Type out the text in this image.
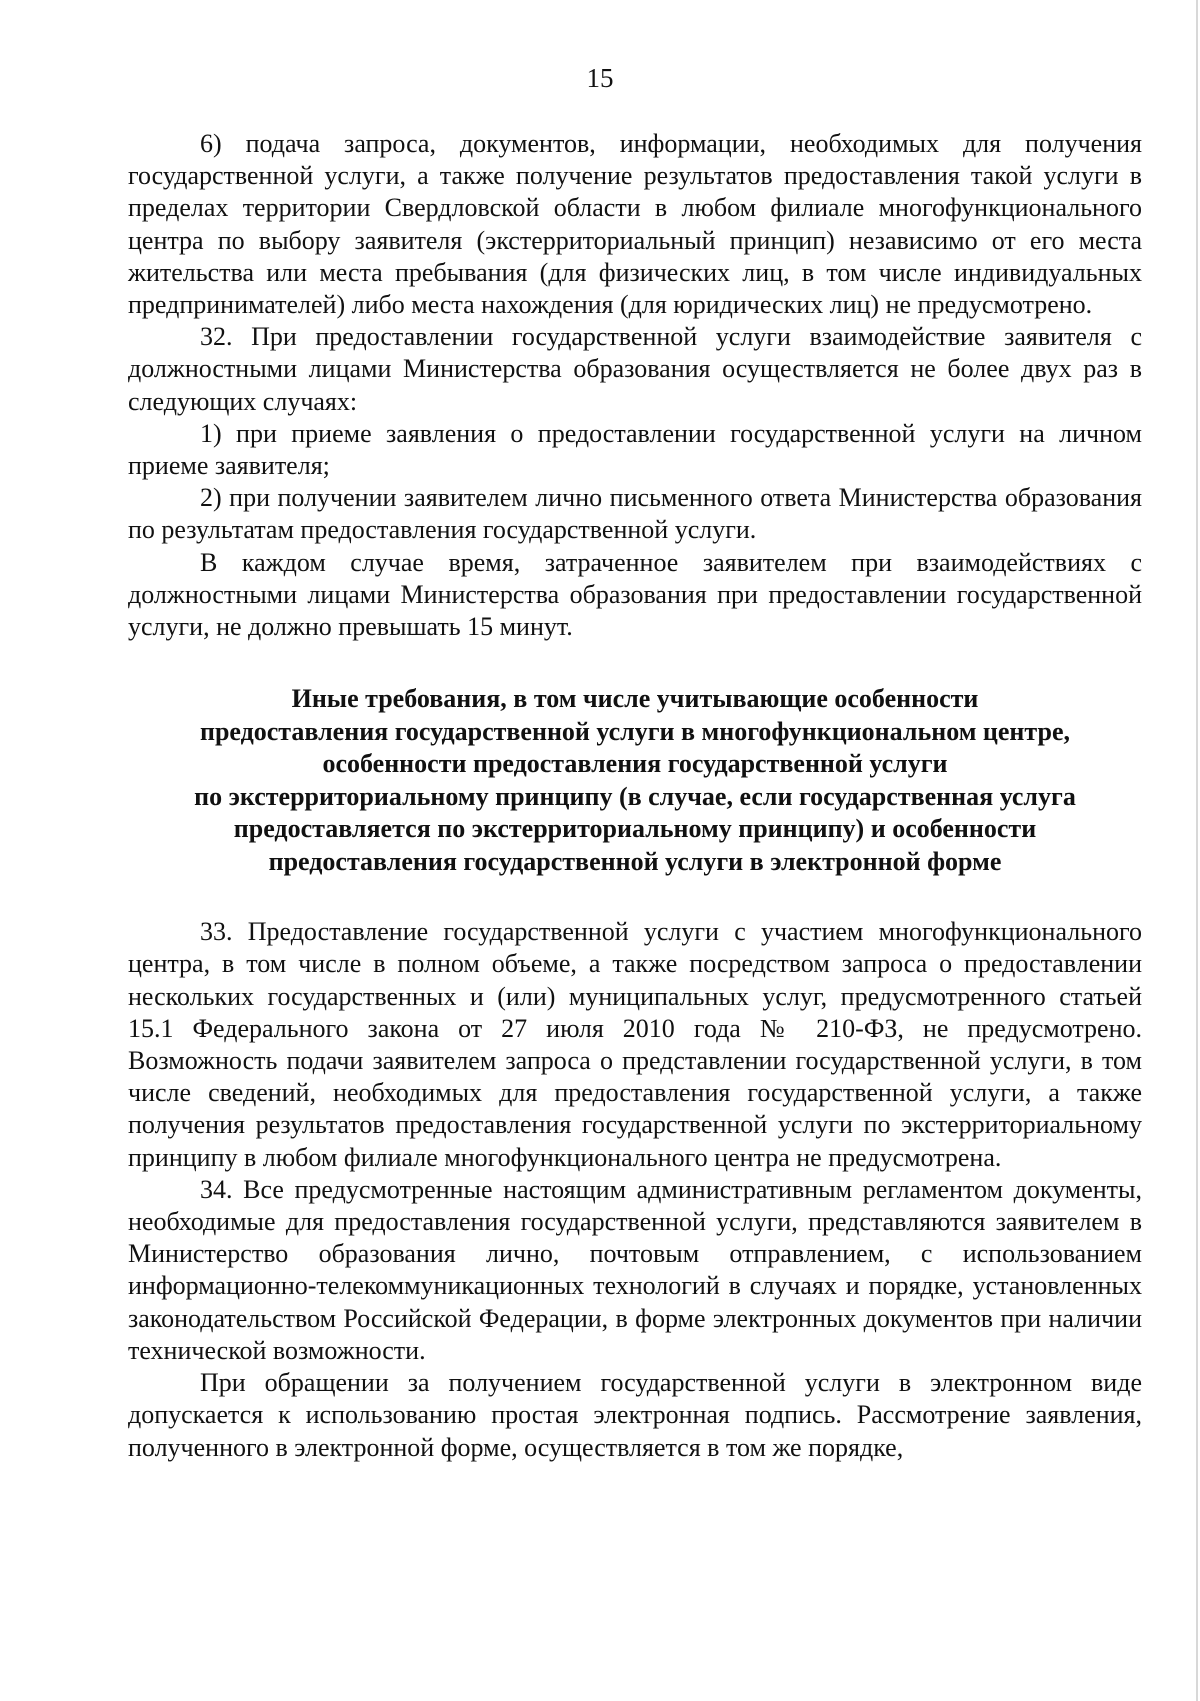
15

6) подача запроса, документов, информации, необходимых для получения государственной услуги, а также получение результатов предоставления такой услуги в пределах территории Свердловской области в любом филиале многофункционального центра по выбору заявителя (экстерриториальный принцип) независимо от его места жительства или места пребывания (для физических лиц, в том числе индивидуальных предпринимателей) либо места нахождения (для юридических лиц) не предусмотрено.

32. При предоставлении государственной услуги взаимодействие заявителя с должностными лицами Министерства образования осуществляется не более двух раз в следующих случаях:

1) при приеме заявления о предоставлении государственной услуги на личном приеме заявителя;

2) при получении заявителем лично письменного ответа Министерства образования по результатам предоставления государственной услуги.

В каждом случае время, затраченное заявителем при взаимодействиях с должностными лицами Министерства образования при предоставлении государственной услуги, не должно превышать 15 минут.

Иные требования, в том числе учитывающие особенности
предоставления государственной услуги в многофункциональном центре,
особенности предоставления государственной услуги
по экстерриториальному принципу (в случае, если государственная услуга
предоставляется по экстерриториальному принципу) и особенности
предоставления государственной услуги в электронной форме

33. Предоставление государственной услуги с участием многофункционального центра, в том числе в полном объеме, а также посредством запроса о предоставлении нескольких государственных и (или) муниципальных услуг, предусмотренного статьей 15.1 Федерального закона от 27 июля 2010 года № 210-ФЗ, не предусмотрено. Возможность подачи заявителем запроса о представлении государственной услуги, в том числе сведений, необходимых для предоставления государственной услуги, а также получения результатов предоставления государственной услуги по экстерриториальному принципу в любом филиале многофункционального центра не предусмотрена.

34. Все предусмотренные настоящим административным регламентом документы, необходимые для предоставления государственной услуги, представляются заявителем в Министерство образования лично, почтовым отправлением, с использованием информационно-телекоммуникационных технологий в случаях и порядке, установленных законодательством Российской Федерации, в форме электронных документов при наличии технической возможности.

При обращении за получением государственной услуги в электронном виде допускается к использованию простая электронная подпись. Рассмотрение заявления, полученного в электронной форме, осуществляется в том же порядке,
